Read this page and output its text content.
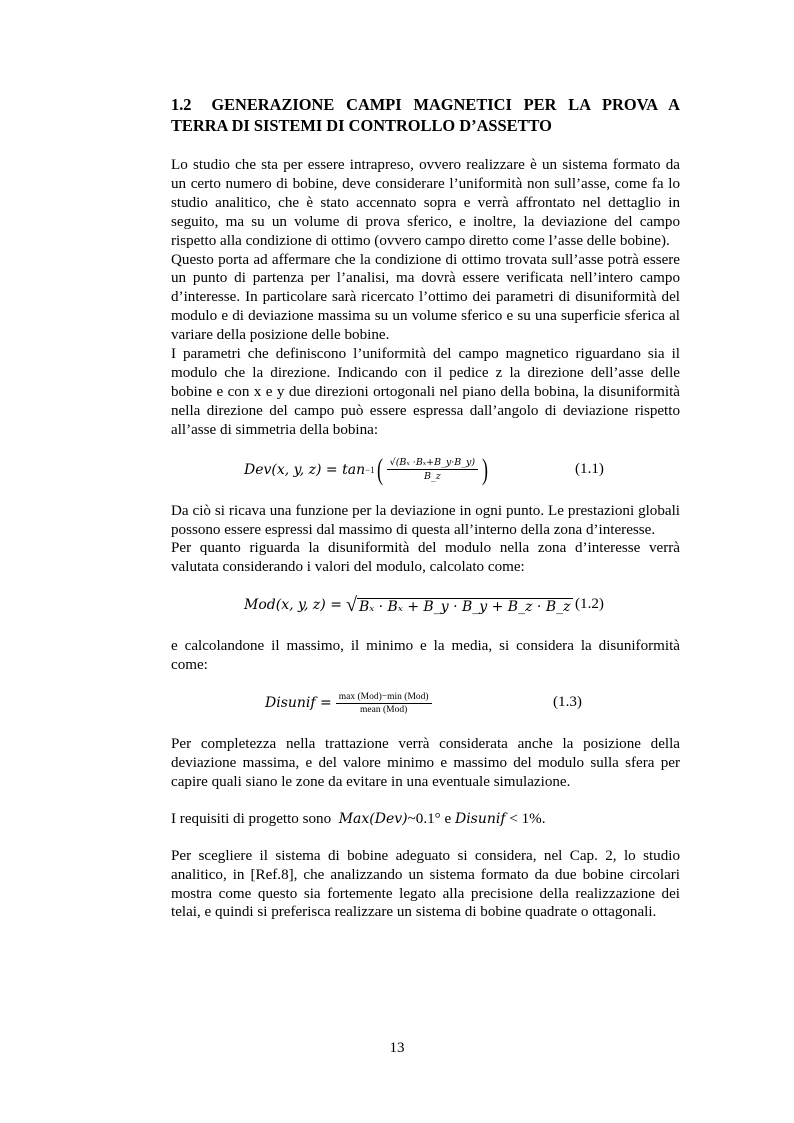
1.2 GENERAZIONE CAMPI MAGNETICI PER LA PROVA A TERRA DI SISTEMI DI CONTROLLO D’ASSETTO

Lo studio che sta per essere intrapreso, ovvero realizzare è un sistema formato da un certo numero di bobine, deve considerare l’uniformità non sull’asse, come fa lo studio analitico, che è stato accennato sopra e verrà affrontato nel dettaglio in seguito, ma su un volume di prova sferico, e inoltre, la deviazione del campo rispetto alla condizione di ottimo (ovvero campo diretto come l’asse delle bobine).

Questo porta ad affermare che la condizione di ottimo trovata sull’asse potrà essere un punto di partenza per l’analisi, ma dovrà essere verificata nell’intero campo d’interesse. In particolare sarà ricercato l’ottimo dei parametri di disuniformità del modulo e di deviazione massima su un volume sferico e su una superficie sferica al variare della posizione delle bobine.

I parametri che definiscono l’uniformità del campo magnetico riguardano sia il modulo che la direzione. Indicando con il pedice z la direzione dell’asse delle bobine e con x e y due direzioni ortogonali nel piano della bobina, la disuniformità nella direzione del campo può essere espressa dall’angolo di deviazione rispetto all’asse di simmetria della bobina:

Dev(x, y, z) = tan −1 ( $\frac{\text{√(Bₓ ·Bₓ+B\_y·B\_y)}}{B\_z}$ )	(1.1)

Da ciò si ricava una funzione per la deviazione in ogni punto. Le prestazioni globali possono essere espressi dal massimo di questa all’interno della zona d’interesse.

Per quanto riguarda la disuniformità del modulo nella zona d’interesse verrà valutata considerando i valori del modulo, calcolato come:

Mod(x, y, z) = √ Bₓ · Bₓ + B_y · B_y + B_z · B_z (1.2)

e calcolandone il massimo, il minimo e la media, si considera la disuniformità come:

Disunif = $\frac{\text{max (Mod)−min (Mod)}}{\text{mean (Mod)}}$	(1.3)

Per completezza nella trattazione verrà considerata anche la posizione della deviazione massima, e del valore minimo e massimo del modulo sulla sfera per capire quali siano le zone da evitare in una eventuale simulazione.

I requisiti di progetto sono Max(Dev)~0.1° e Disunif < 1%.

Per scegliere il sistema di bobine adeguato si considera, nel Cap. 2, lo studio analitico, in [Ref.8], che analizzando un sistema formato da due bobine circolari mostra come questo sia fortemente legato alla precisione della realizzazione dei telai, e quindi si preferisca realizzare un sistema di bobine quadrate o ottagonali.

13
